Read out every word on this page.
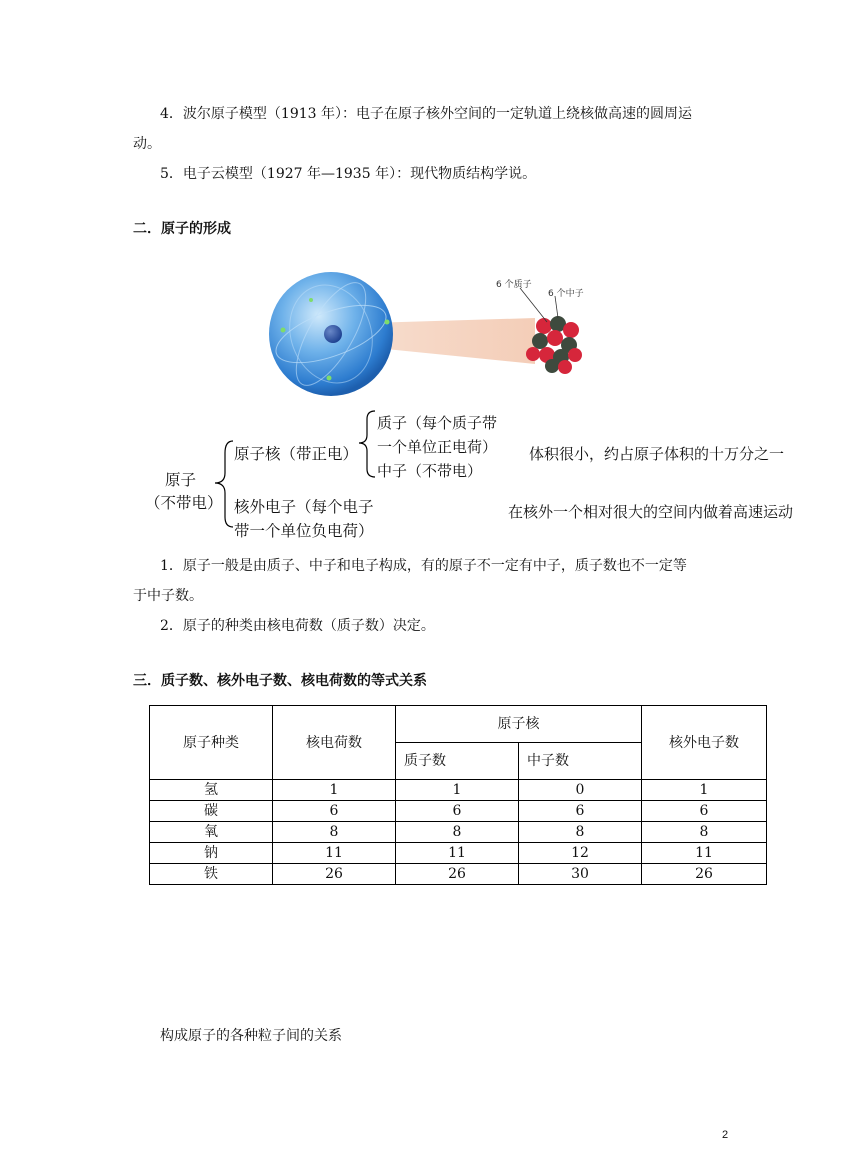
4．波尔原子模型（1913 年）：电子在原子核外空间的一定轨道上绕核做高速的圆周运
动。
5．电子云模型（1927 年—1935 年）：现代物质结构学说。
二．原子的形成
6 个质子
6 个中子
原子
（不带电）
原子核（带正电）
质子（每个质子带
一个单位正电荷）
中子（不带电）
核外电子（每个电子
带一个单位负电荷）
体积很小，约占原子体积的十万分之一
在核外一个相对很大的空间内做着高速运动
1．原子一般是由质子、中子和电子构成，有的原子不一定有中子，质子数也不一定等
于中子数。
2．原子的种类由核电荷数（质子数）决定。
三．质子数、核外电子数、核电荷数的等式关系
原子种类	核电荷数	原子核		核外电子数
		质子数	中子数	
氢	1	1	0	1
碳	6	6	6	6
氧	8	8	8	8
钠	11	11	12	11
铁	26	26	30	26
构成原子的各种粒子间的关系
2
